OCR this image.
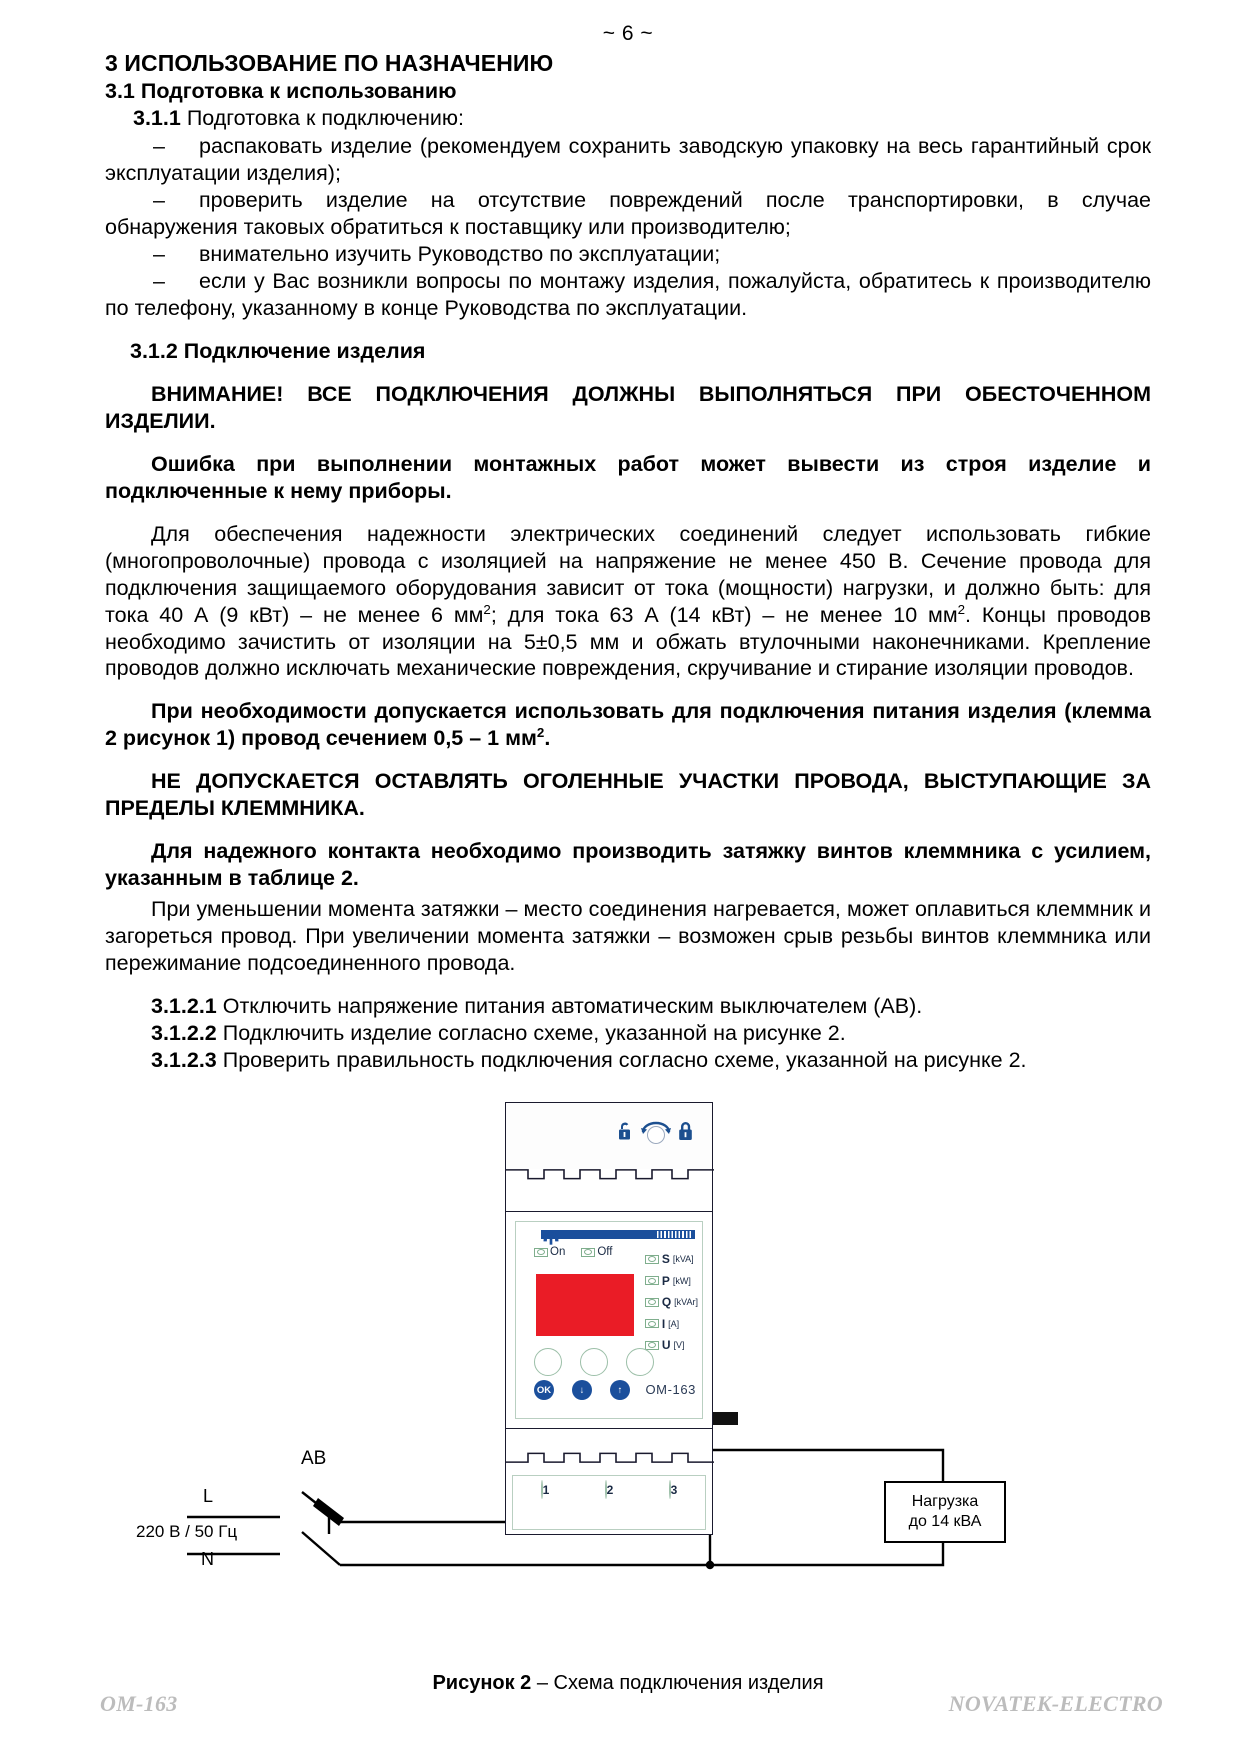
~ 6 ~
3 ИСПОЛЬЗОВАНИЕ ПО НАЗНАЧЕНИЮ
3.1 Подготовка к использованию
3.1.1 Подготовка к подключению:

– распаковать изделие (рекомендуем сохранить заводскую упаковку на весь гарантийный срок эксплуатации изделия);

– проверить изделие на отсутствие повреждений после транспортировки, в случае обнаружения таковых обратиться к поставщику или производителю;

– внимательно изучить Руководство по эксплуатации;

– если у Вас возникли вопросы по монтажу изделия, пожалуйста, обратитесь к производителю по телефону, указанному в конце Руководства по эксплуатации.

3.1.2 Подключение изделия

ВНИМАНИЕ! ВСЕ ПОДКЛЮЧЕНИЯ ДОЛЖНЫ ВЫПОЛНЯТЬСЯ ПРИ ОБЕСТОЧЕННОМ ИЗДЕЛИИ.

Ошибка при выполнении монтажных работ может вывести из строя изделие и подключенные к нему приборы.

Для обеспечения надежности электрических соединений следует использовать гибкие (многопроволочные) провода с изоляцией на напряжение не менее 450 В. Сечение провода для подключения защищаемого оборудования зависит от тока (мощности) нагрузки, и должно быть: для тока 40 А (9 кВт) – не менее 6 $мм^2$; для тока 63 А (14 кВт) – не менее 10 $мм^2$. Концы проводов необходимо зачистить от изоляции на 5±0,5 мм и обжать втулочными наконечниками. Крепление проводов должно исключать механические повреждения, скручивание и стирание изоляции проводов.

При необходимости допускается использовать для подключения питания изделия (клемма 2 рисунок 1) провод сечением 0,5 – 1 $мм^2$.

НЕ ДОПУСКАЕТСЯ ОСТАВЛЯТЬ ОГОЛЕННЫЕ УЧАСТКИ ПРОВОДА, ВЫСТУПАЮЩИЕ ЗА ПРЕДЕЛЫ КЛЕММНИКА.

Для надежного контакта необходимо производить затяжку винтов клеммника с усилием, указанным в таблице 2.

При уменьшении момента затяжки – место соединения нагревается, может оплавиться клеммник и загореться провод. При увеличении момента затяжки – возможен срыв резьбы винтов клеммника или пережимание подсоединенного провода.

3.1.2.1 Отключить напряжение питания автоматическим выключателем (АВ).

3.1.2.2 Подключить изделие согласно схеме, указанной на рисунке 2.

3.1.2.3 Проверить правильность подключения согласно схеме, указанной на рисунке 2.

On	Off	S [kVA]
P [kW]
Q [kVAr]
I [A]
U [V]
OK	↓	↑	OM-163
1	2	3
АВ
L
N
220 В / 50 Гц
Нагрузка
до 14 кВА
Рисунок 2 – Схема подключения изделия
OM-163	NOVATEK-ELECTRO
